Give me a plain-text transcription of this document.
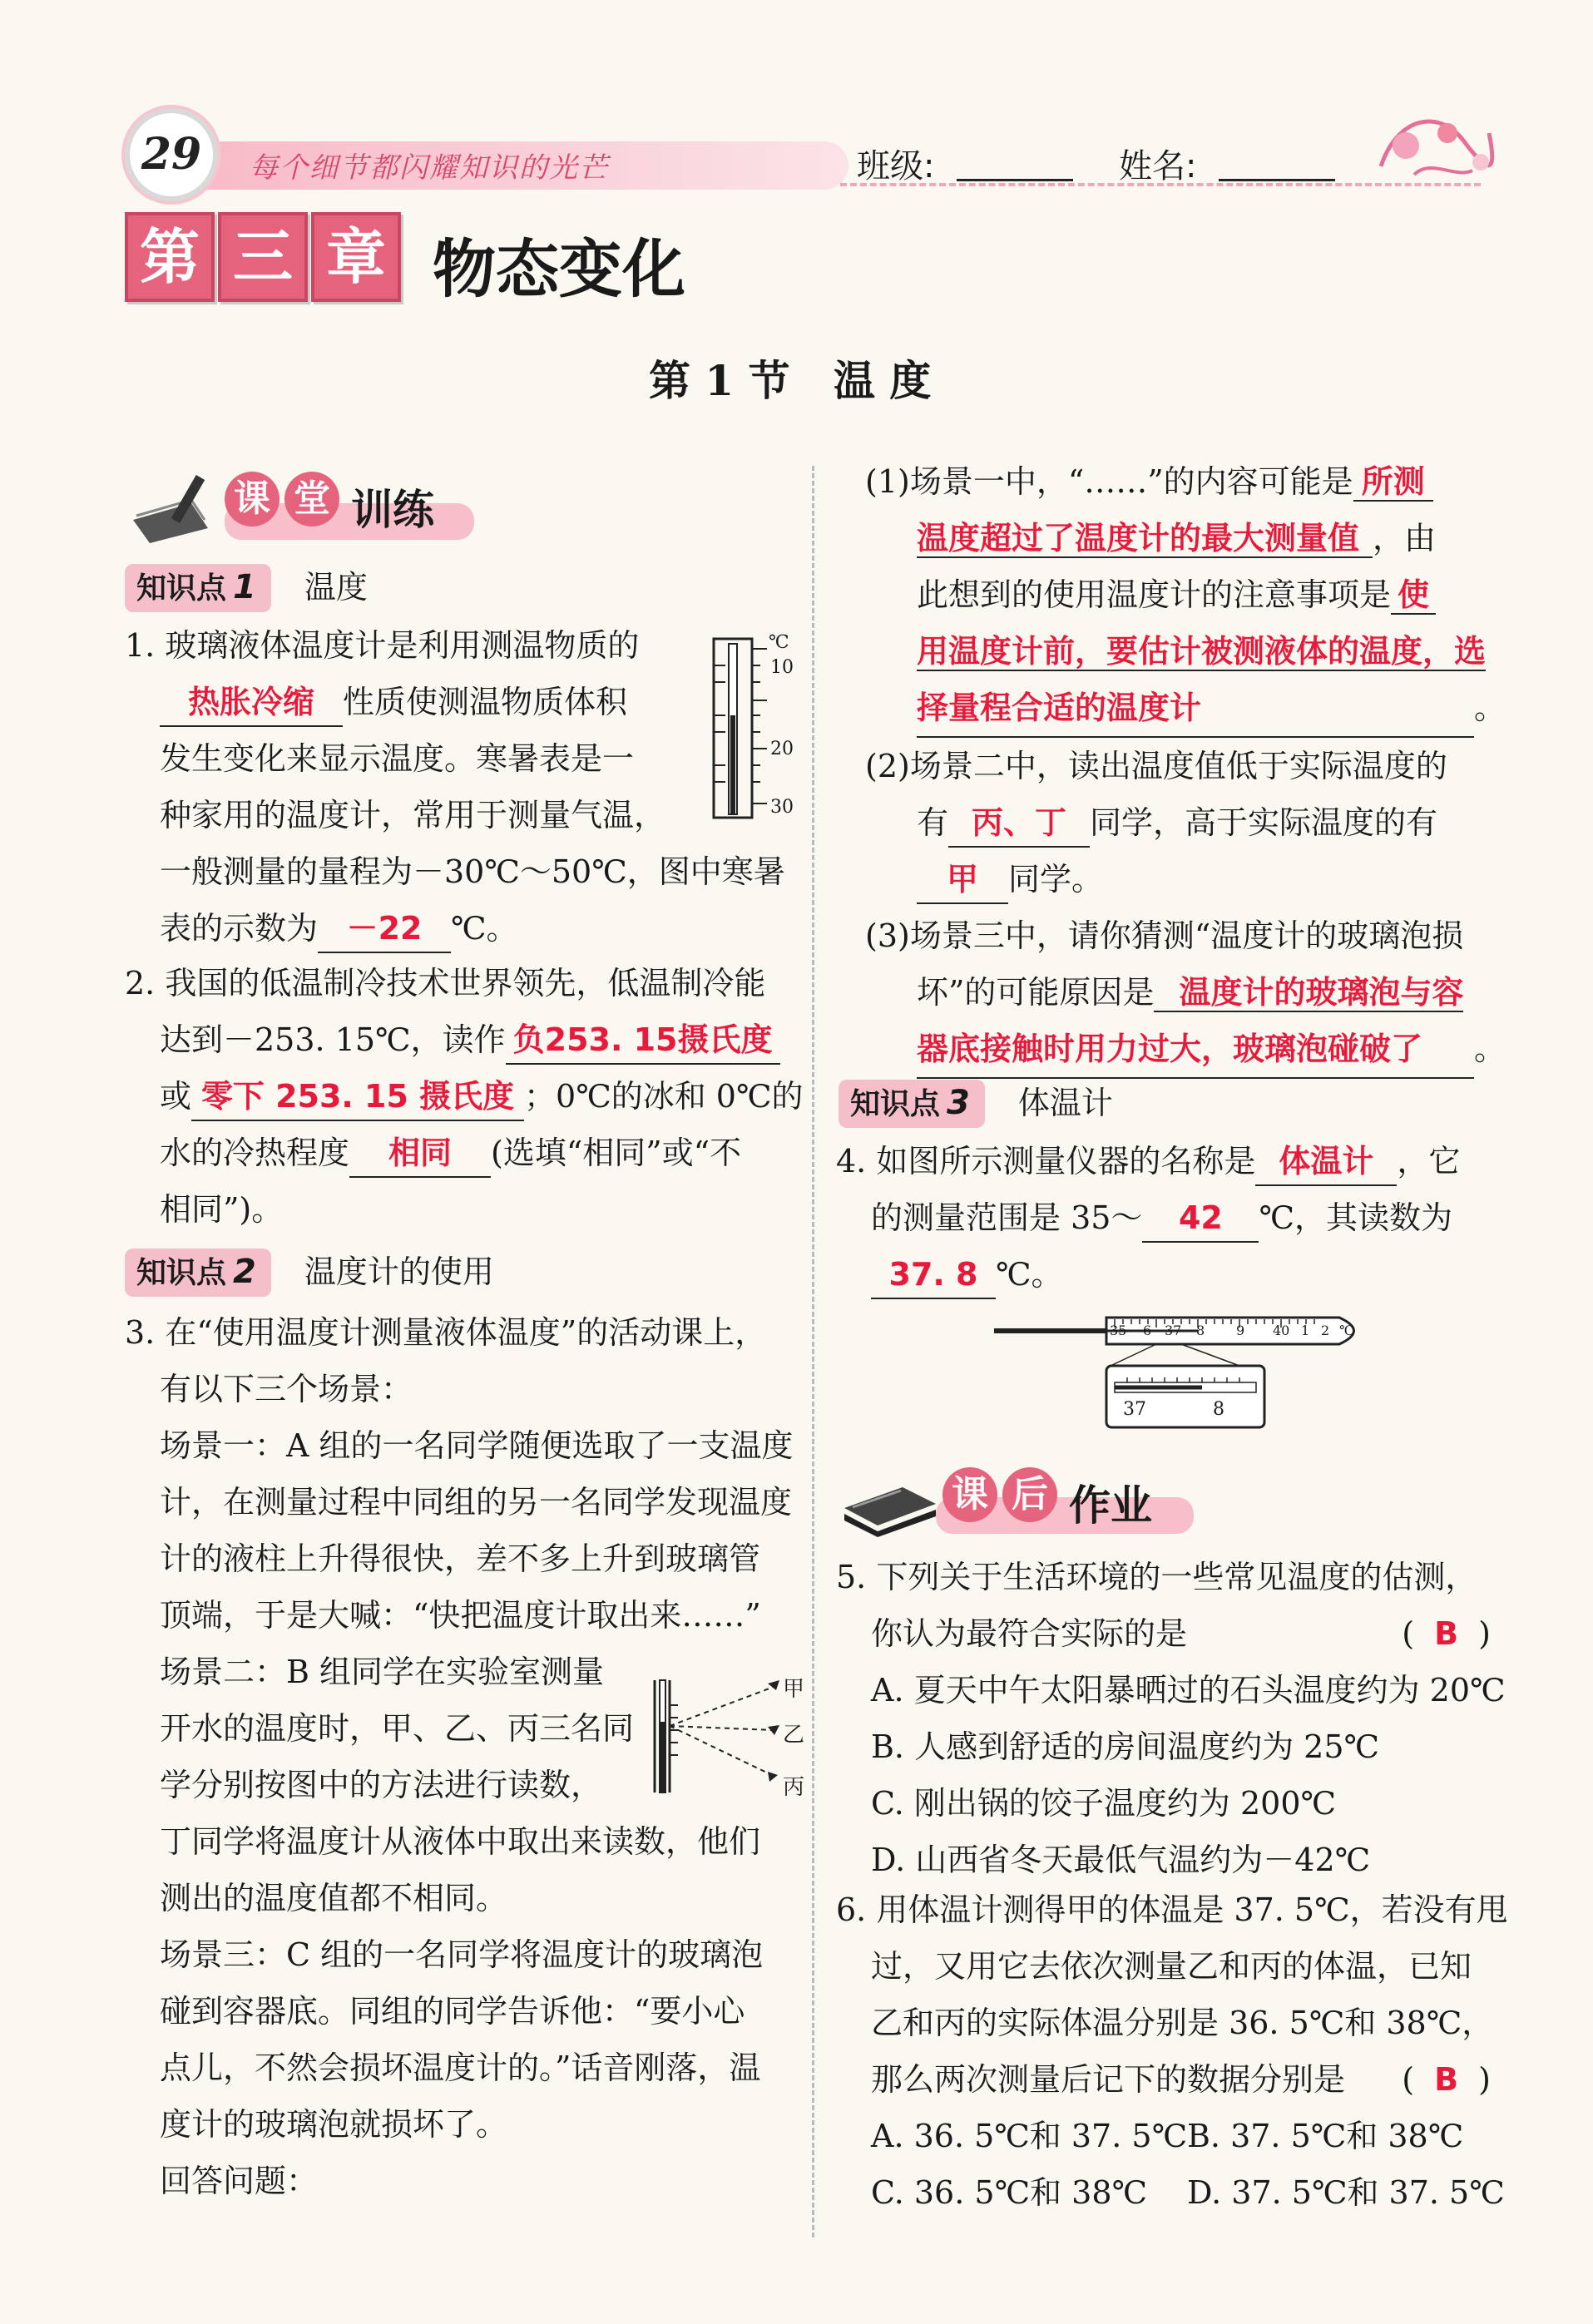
29	每个细节都闪耀知识的光芒	班级:	姓名:
第 三 章 物态变化
第 1 节   温 度
课 堂 训练
知识点 1 温度
1. 玻璃液体温度计是利用测温物质的
热胀冷缩 性质使测温物质体积
发生变化来显示温度。寒暑表是一
种家用的温度计，常用于测量气温，
一般测量的量程为－30℃～50℃，图中寒暑
表的示数为 －22 ℃。
℃
10
20
30
知识点 2 温度计的使用
2. 我国的低温制冷技术世界领先，低温制冷能
达到－253. 15℃，读作 负253. 15摄氏度
或 零下 253. 15 摄氏度 ；0℃的冰和 0℃的
水的冷热程度 相同 (选填“相同”或“不
相同”)。
3. 在“使用温度计测量液体温度”的活动课上，
有以下三个场景：
场景一：A 组的一名同学随便选取了一支温度
计，在测量过程中同组的另一名同学发现温度
计的液柱上升得很快，差不多上升到玻璃管
顶端，于是大喊：“快把温度计取出来……”
场景二：B 组同学在实验室测量
开水的温度时，甲、乙、丙三名同
学分别按图中的方法进行读数，
丁同学将温度计从液体中取出来读数，他们
测出的温度值都不相同。
场景三：C 组的一名同学将温度计的玻璃泡
碰到容器底。同组的同学告诉他：“要小心
点儿，不然会损坏温度计的。”话音刚落，温
度计的玻璃泡就损坏了。
回答问题：
甲
乙
丙
(1)场景一中，“……”的内容可能是 所测
温度超过了温度计的最大测量值 ，由
此想到的使用温度计的注意事项是 使
用温度计前，要估计被测液体的温度，选
择量程合适的温度计	。
(2)场景二中，读出温度值低于实际温度的
有 丙、丁 同学，高于实际温度的有
甲 同学。
(3)场景三中，请你猜测“温度计的玻璃泡损
坏”的可能原因是 温度计的玻璃泡与容
器底接触时用力过大，玻璃泡碰破了 。
知识点 3 体温计
4. 如图所示测量仪器的名称是 体温计 ，它
的测量范围是 35～ 42 ℃，其读数为
37. 8 ℃。
35 6 37 8 9 40 1 2 ℃
37	8
课 后 作业
5. 下列关于生活环境的一些常见温度的估测，
你认为最符合实际的是	( B )
A. 夏天中午太阳暴晒过的石头温度约为 20℃
B. 人感到舒适的房间温度约为 25℃
C. 刚出锅的饺子温度约为 200℃
D. 山西省冬天最低气温约为－42℃
6. 用体温计测得甲的体温是 37. 5℃，若没有甩
过，又用它去依次测量乙和丙的体温，已知
乙和丙的实际体温分别是 36. 5℃和 38℃，
那么两次测量后记下的数据分别是 ( B )
A. 36. 5℃和 37. 5℃B. 37. 5℃和 38℃
C. 36. 5℃和 38℃ D. 37. 5℃和 37. 5℃
